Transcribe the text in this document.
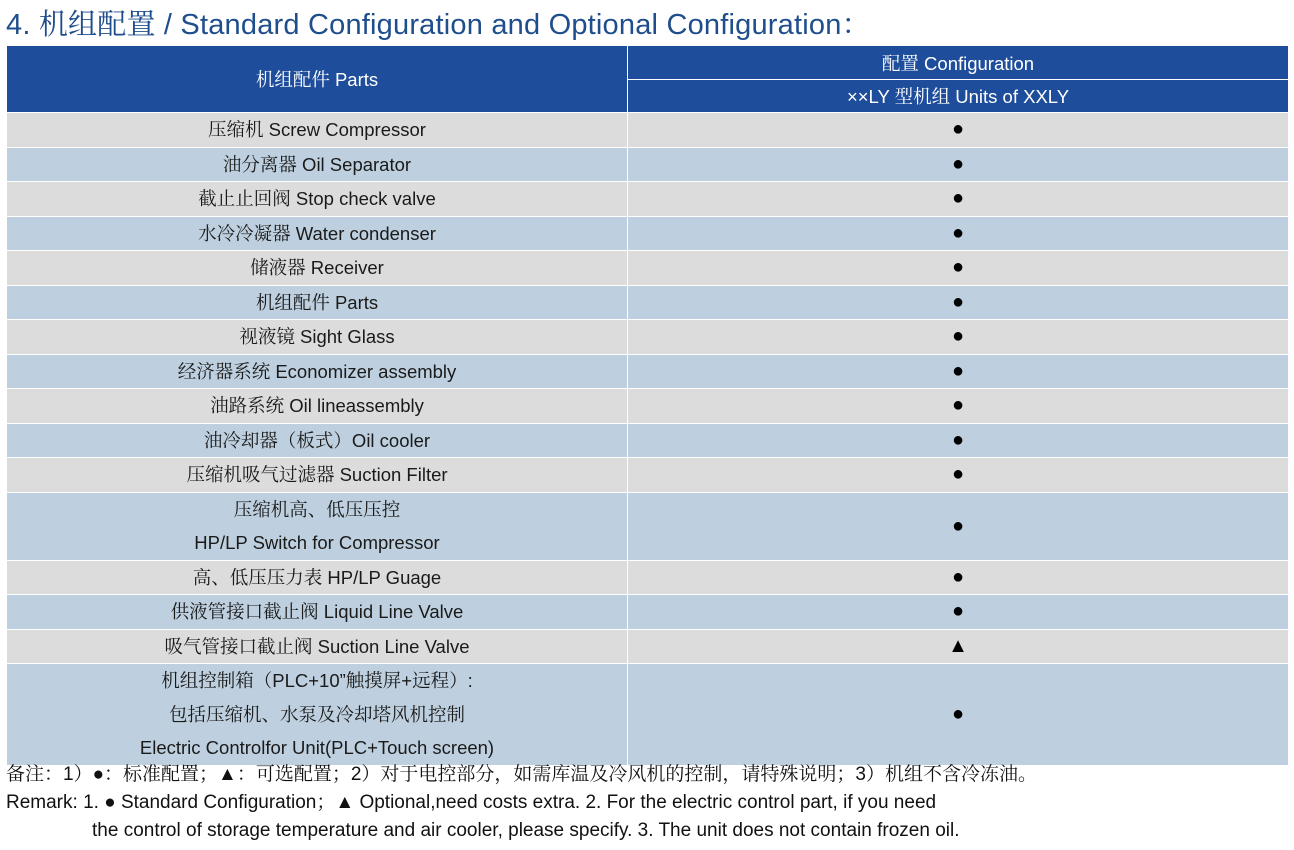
4. 机组配置 / Standard Configuration and Optional Configuration：
机组配件 Parts	配置 Configuration
	××LY 型机组 Units of XXLY

压缩机 Screw Compressor	●

油分离器 Oil Separator	●

截止止回阀 Stop check valve	●

水冷冷凝器 Water condenser	●

储液器 Receiver	●

机组配件 Parts	●

视液镜 Sight Glass	●

经济器系统 Economizer assembly	●

油路系统 Oil lineassembly	●

油冷却器（板式）Oil cooler	●

压缩机吸气过滤器 Suction Filter	●

压缩机高、低压压控
HP/LP Switch for Compressor	●

高、低压压力表 HP/LP Guage	●

供液管接口截止阀 Liquid Line Valve	●

吸气管接口截止阀 Suction Line Valve	▲

机组控制箱（PLC+10”触摸屏+远程）:
包括压缩机、水泵及冷却塔风机控制
Electric Controlfor Unit(PLC+Touch screen)	●
备注：1）●：标准配置；▲：可选配置；2）对于电控部分，如需库温及冷风机的控制，请特殊说明；3）机组不含冷冻油。
Remark: 1. ● Standard Configuration；▲ Optional,need costs extra. 2. For the electric control part, if you need
the control of storage temperature and air cooler, please specify. 3. The unit does not contain frozen oil.
